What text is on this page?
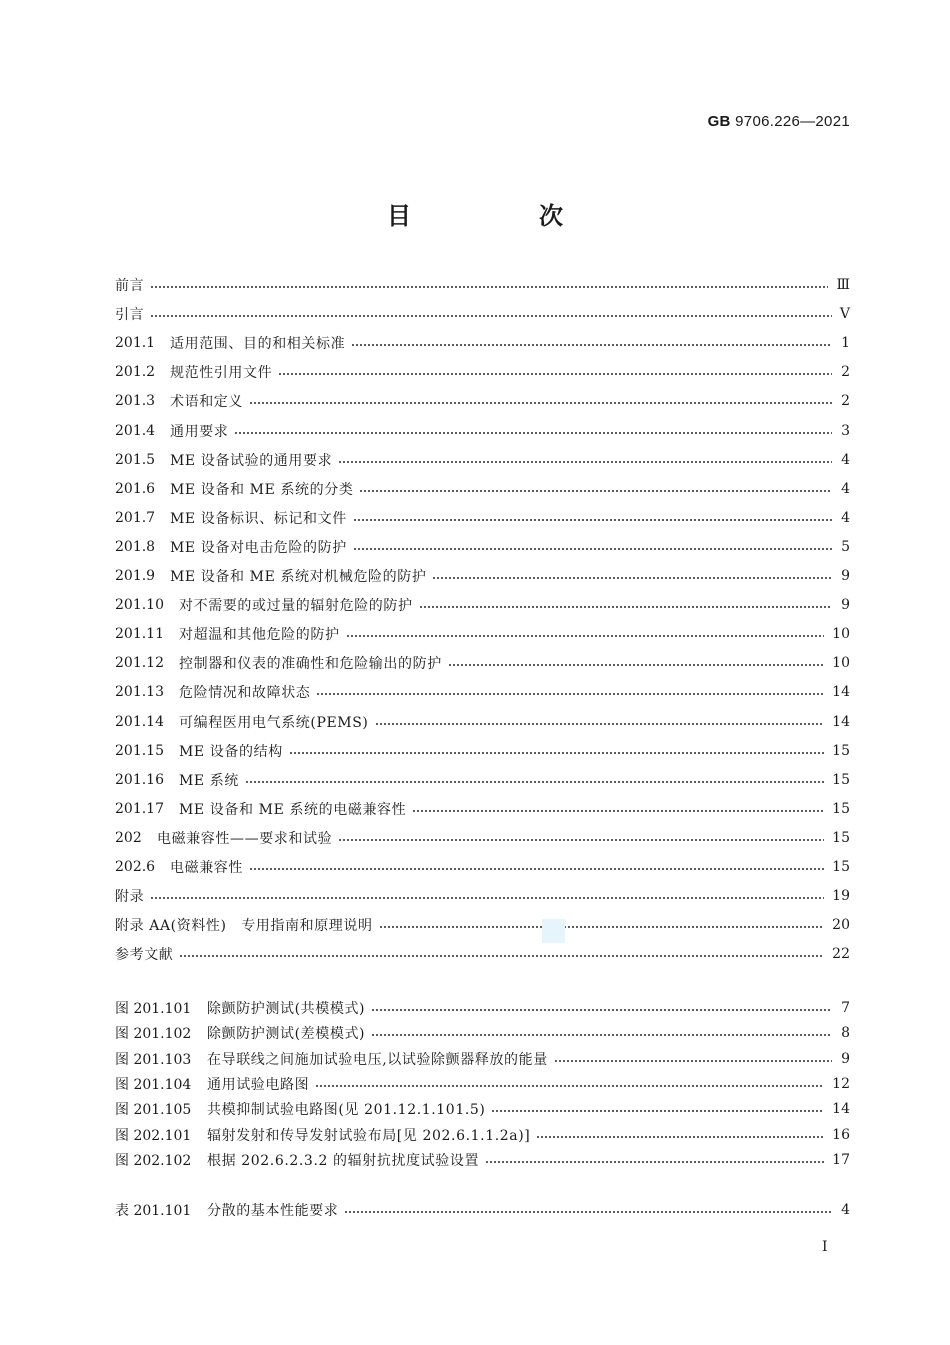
GB 9706.226—2021
目　次
前言	Ⅲ
引言	Ⅴ
201.1	适用范围、目的和相关标准	1
201.2	规范性引用文件	2
201.3	术语和定义	2
201.4	通用要求	3
201.5	ME 设备试验的通用要求	4
201.6	ME 设备和 ME 系统的分类	4
201.7	ME 设备标识、标记和文件	4
201.8	ME 设备对电击危险的防护	5
201.9	ME 设备和 ME 系统对机械危险的防护	9
201.10	对不需要的或过量的辐射危险的防护	9
201.11	对超温和其他危险的防护	10
201.12	控制器和仪表的准确性和危险输出的防护	10
201.13	危险情况和故障状态	14
201.14	可编程医用电气系统(PEMS)	14
201.15	ME 设备的结构	15
201.16	ME 系统	15
201.17	ME 设备和 ME 系统的电磁兼容性	15
202	电磁兼容性——要求和试验	15
202.6	电磁兼容性	15
附录	19
附录 AA(资料性)　专用指南和原理说明	20
参考文献	22
图 201.101	除颤防护测试(共模模式)	7
图 201.102	除颤防护测试(差模模式)	8
图 201.103	在导联线之间施加试验电压,以试验除颤器释放的能量	9
图 201.104	通用试验电路图	12
图 201.105	共模抑制试验电路图(见 201.12.1.101.5)	14
图 202.101	辐射发射和传导发射试验布局[见 202.6.1.1.2a)]	16
图 202.102	根据 202.6.2.3.2 的辐射抗扰度试验设置	17
表 201.101	分散的基本性能要求	4
Ⅰ
